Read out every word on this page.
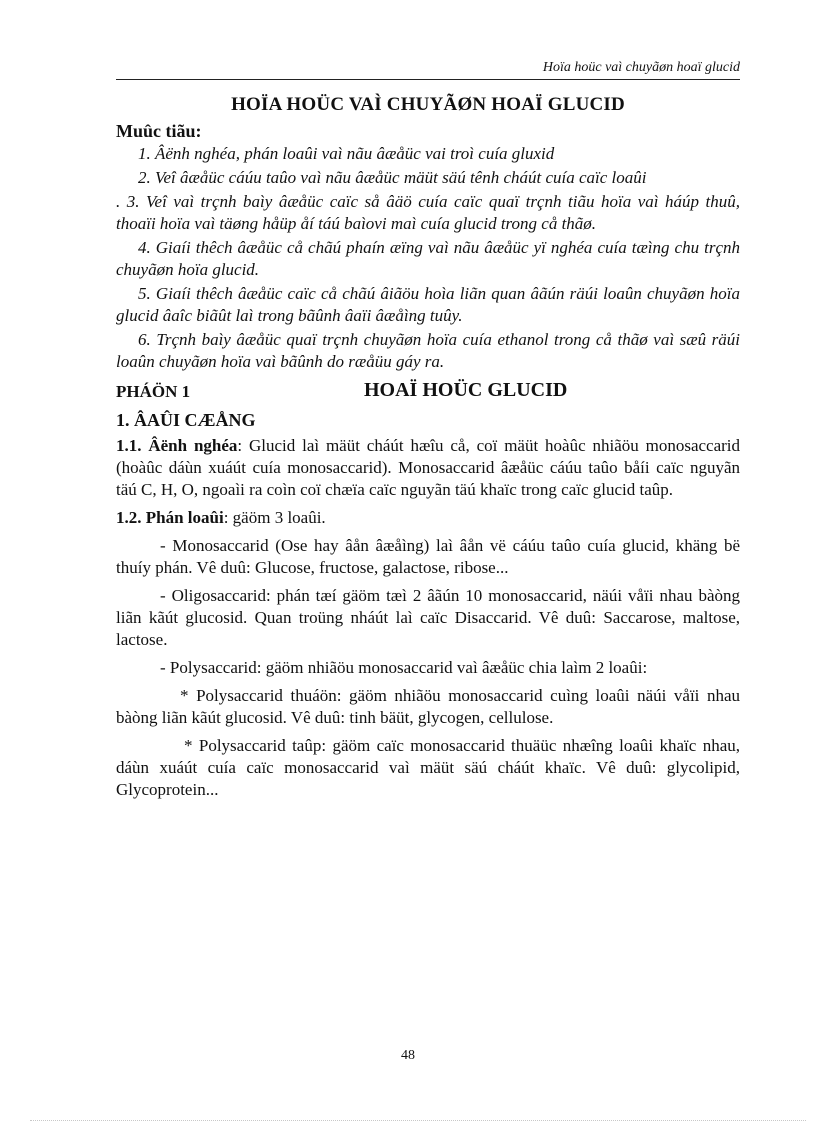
Hoïa hoüc vaì chuyãøn hoaï glucid
HOÏA HOÜC VAÌ CHUYÃØN HOAÏ GLUCID

Muûc tiãu:

1. Âënh nghéa, phán loaûi vaì nãu âæåüc vai troì cuía gluxid

2. Veî âæåüc cáúu taûo vaì nãu âæåüc mäüt säú tênh cháút cuía caïc loaûi

. 3. Veî vaì trçnh baìy âæåüc caïc så âäö cuía caïc quaï trçnh tiãu hoïa vaì háúp thuû, thoaïi hoïa vaì täøng håüp åí táú baìovi maì cuía glucid trong cå thãø.

4. Giaíi thêch âæåüc cå chãú phaín æïng vaì nãu âæåüc yï nghéa cuía tæìng chu trçnh chuyãøn hoïa glucid.

5. Giaíi thêch âæåüc caïc cå chãú âiãöu hoìa liãn quan âãún räúi loaûn chuyãøn hoïa glucid âaîc biãût laì trong bãûnh âaïi âæåìng tuûy.

6. Trçnh baìy âæåüc quaï trçnh chuyãøn hoïa cuía ethanol trong cå thãø vaì sæû räúi loaûn chuyãøn hoïa vaì bãûnh do ræåüu gáy ra.

PHÁÖN 1	HOAÏ HOÜC GLUCID

1. ÂAÛI CÆÅNG

1.1. Âënh nghéa: Glucid laì mäüt cháút hæîu cå, coï mäüt hoàûc nhiãöu monosaccarid (hoàûc dáùn xuáút cuía monosaccarid). Monosaccarid âæåüc cáúu taûo båíi caïc nguyãn täú C, H, O, ngoaìi ra coìn coï chæïa caïc nguyãn täú khaïc trong caïc glucid taûp.

1.2. Phán loaûi: gäöm 3 loaûi.

- Monosaccarid (Ose hay âån âæåìng) laì âån vë cáúu taûo cuía glucid, khäng bë thuíy phán. Vê duû: Glucose, fructose, galactose, ribose...

- Oligosaccarid: phán tæí gäöm tæì 2 âãún 10 monosaccarid, näúi våïi nhau bàòng liãn kãút glucosid. Quan troüng nháút laì caïc Disaccarid. Vê duû: Saccarose, maltose, lactose.

- Polysaccarid: gäöm nhiãöu monosaccarid vaì âæåüc chia laìm 2 loaûi:

* Polysaccarid thuáön: gäöm nhiãöu monosaccarid cuìng loaûi näúi våïi nhau bàòng liãn kãút glucosid. Vê duû: tinh bäüt, glycogen, cellulose.

* Polysaccarid taûp: gäöm caïc monosaccarid thuäüc nhæîng loaûi khaïc nhau, dáùn xuáút cuía caïc monosaccarid vaì mäüt säú cháút khaïc. Vê duû: glycolipid, Glycoprotein...

48
